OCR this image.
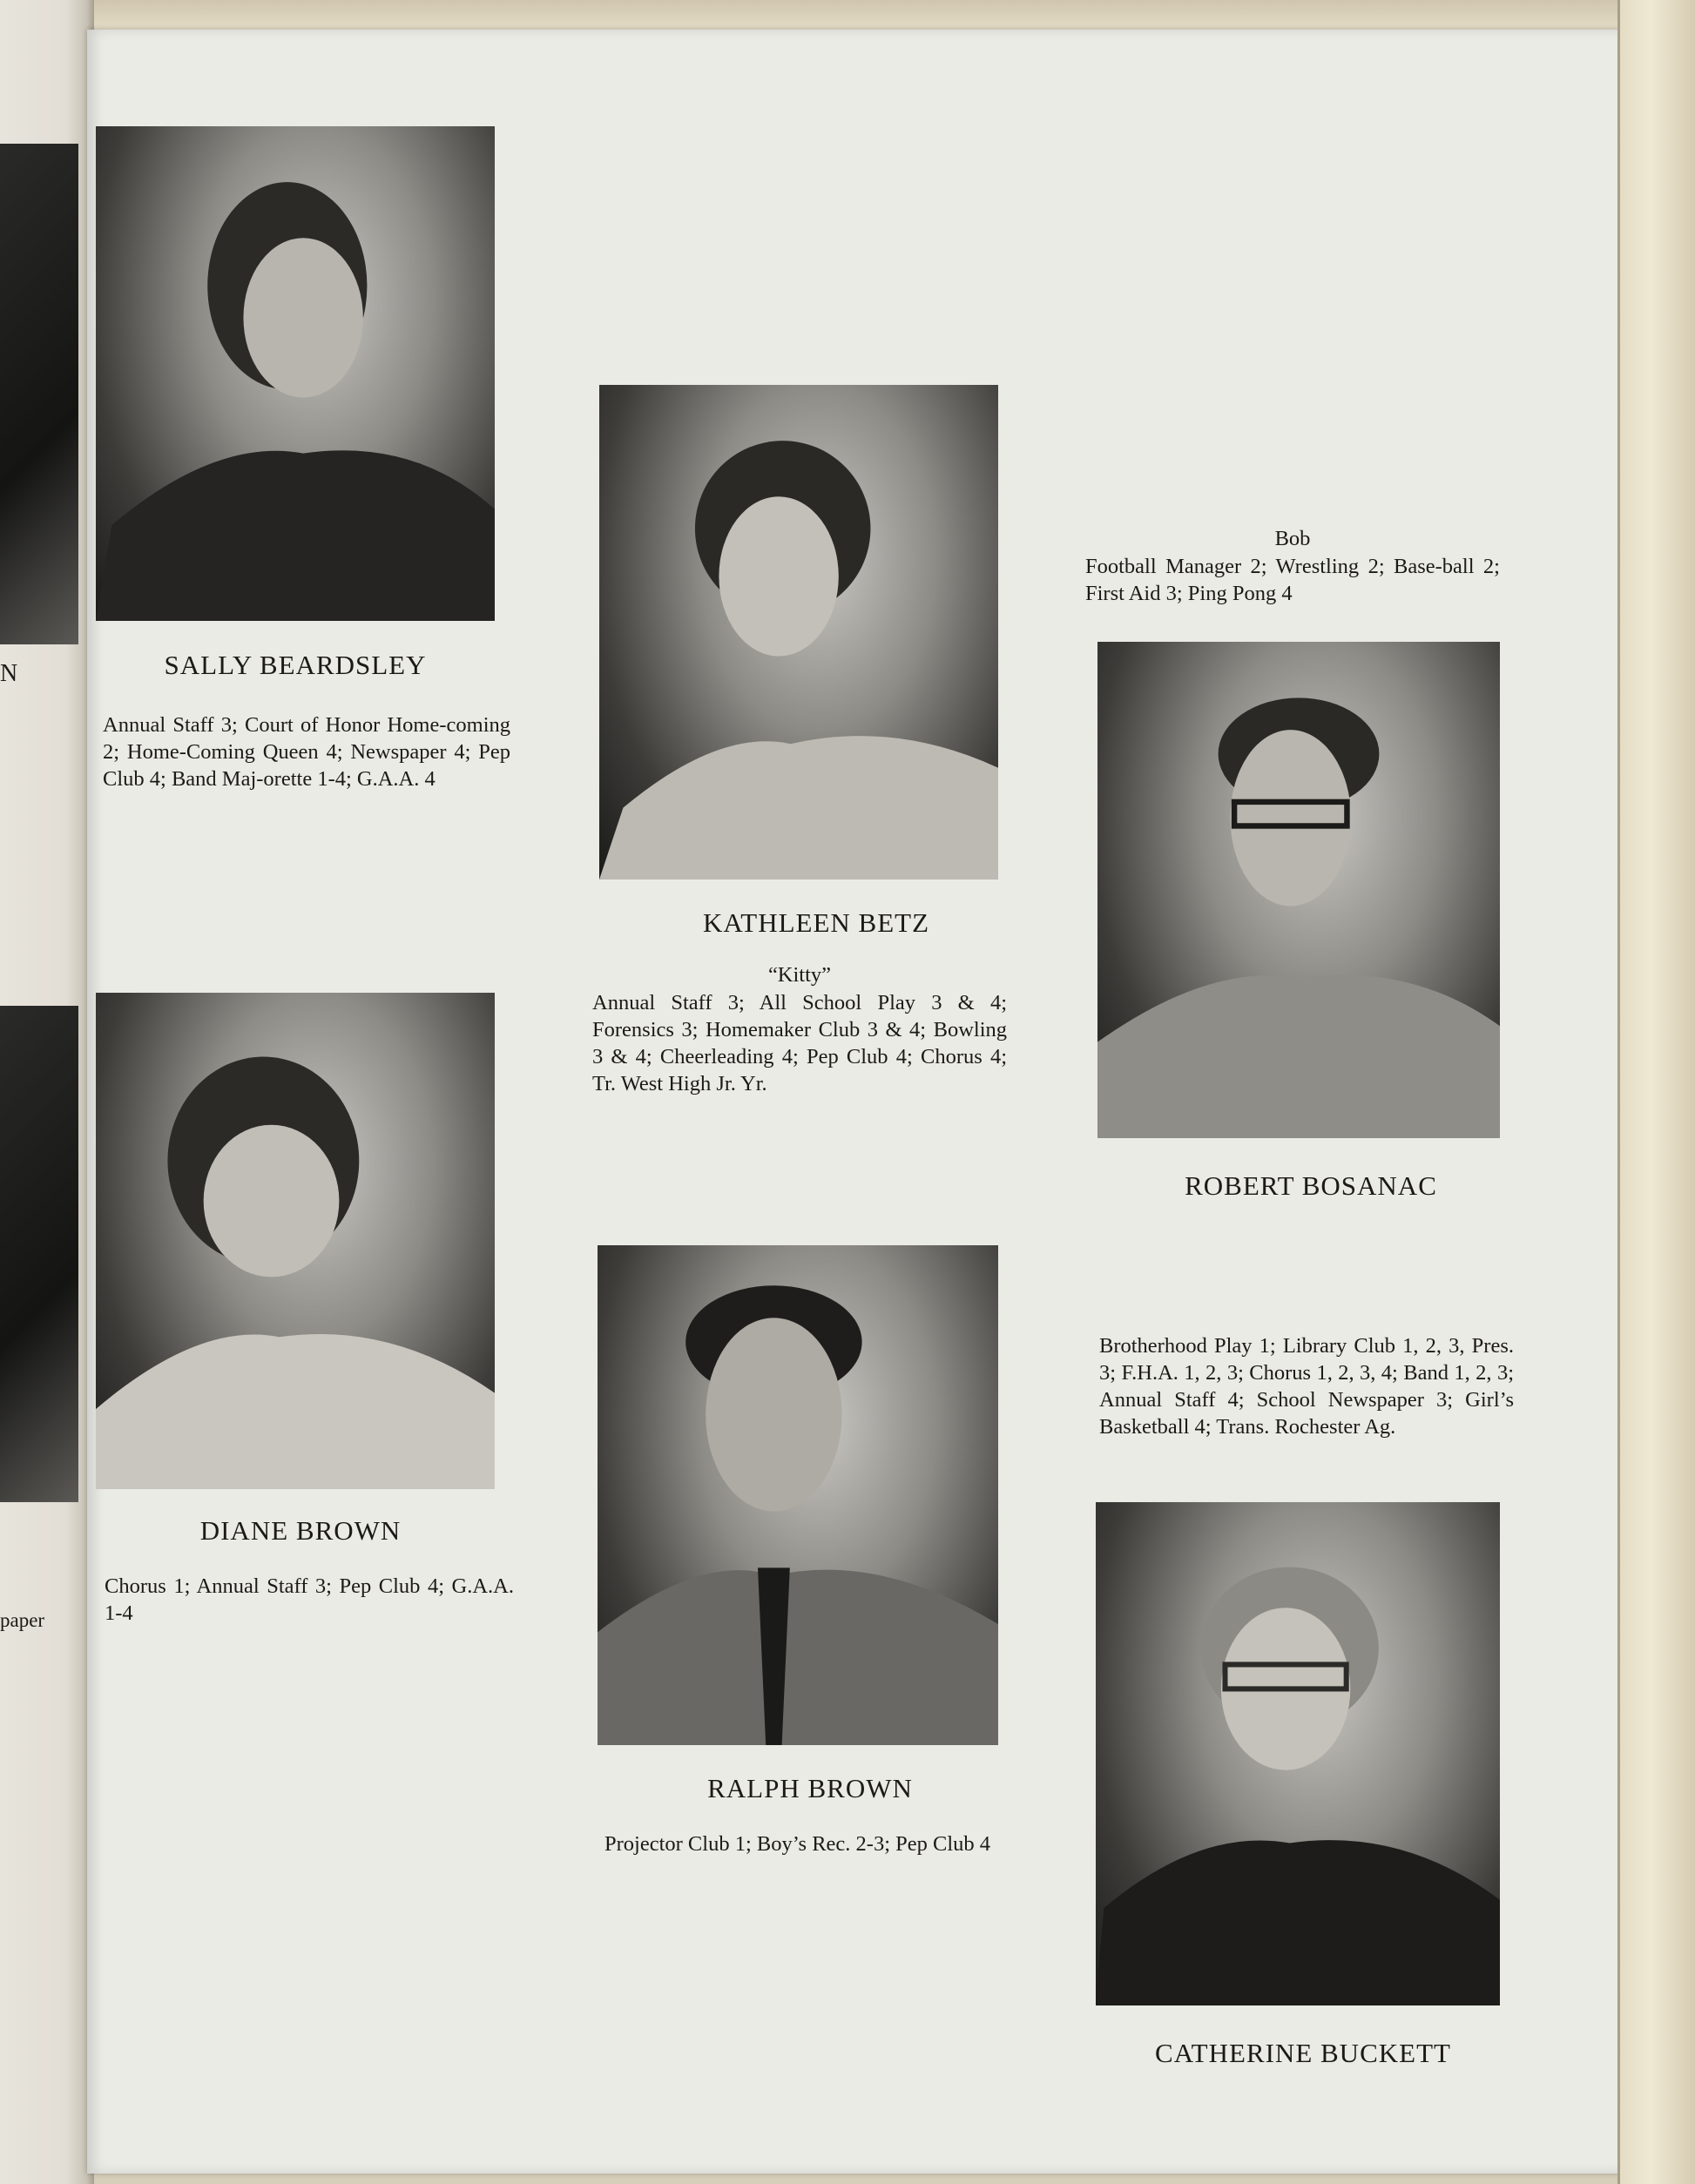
N
paper
SALLY BEARDSLEY
Annual Staff 3; Court of Honor Home-coming 2; Home-Coming Queen 4; Newspaper 4; Pep Club 4; Band Maj-orette 1-4; G.A.A. 4
KATHLEEN BETZ
“Kitty”
Annual Staff 3; All School Play 3 & 4; Forensics 3; Homemaker Club 3 & 4; Bowling 3 & 4; Cheerleading 4; Pep Club 4; Chorus 4; Tr. West High Jr. Yr.
Bob
Football Manager 2; Wrestling 2; Base-ball 2; First Aid 3; Ping Pong 4
ROBERT BOSANAC
DIANE BROWN
Chorus 1; Annual Staff 3; Pep Club 4; G.A.A. 1-4
RALPH BROWN
Projector Club 1; Boy’s Rec. 2-3; Pep Club 4
Brotherhood Play 1; Library Club 1, 2, 3, Pres. 3; F.H.A. 1, 2, 3; Chorus 1, 2, 3, 4; Band 1, 2, 3; Annual Staff 4; School Newspaper 3; Girl’s Basketball 4; Trans. Rochester Ag.
CATHERINE BUCKETT
